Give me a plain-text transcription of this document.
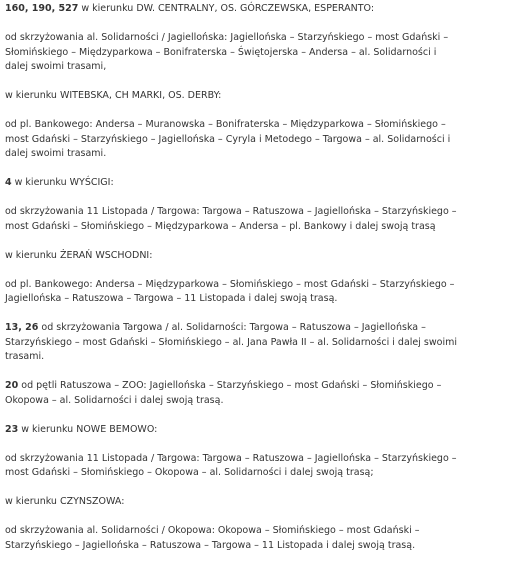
160, 190, 527 w kierunku DW. CENTRALNY, OS. GÓRCZEWSKA, ESPERANTO:

od skrzyżowania al. Solidarności / Jagiellońska: Jagiellońska – Starzyńskiego – most Gdański –
Słomińskiego – Międzyparkowa – Bonifraterska – Świętojerska – Andersa – al. Solidarności i
dalej swoimi trasami,

w kierunku WITEBSKA, CH MARKI, OS. DERBY:

od pl. Bankowego: Andersa – Muranowska – Bonifraterska – Międzyparkowa – Słomińskiego –
most Gdański – Starzyńskiego – Jagiellońska – Cyryla i Metodego – Targowa – al. Solidarności i
dalej swoimi trasami.

4 w kierunku WYŚCIGI:

od skrzyżowania 11 Listopada / Targowa: Targowa – Ratuszowa – Jagiellońska – Starzyńskiego –
most Gdański – Słomińskiego – Międzyparkowa – Andersa – pl. Bankowy i dalej swoją trasą

w kierunku ŻERAŃ WSCHODNI:

od pl. Bankowego: Andersa – Międzyparkowa – Słomińskiego – most Gdański – Starzyńskiego –
Jagiellońska – Ratuszowa – Targowa – 11 Listopada i dalej swoją trasą.

13, 26 od skrzyżowania Targowa / al. Solidarności: Targowa – Ratuszowa – Jagiellońska –
Starzyńskiego – most Gdański – Słomińskiego – al. Jana Pawła II – al. Solidarności i dalej swoimi
trasami.

20 od pętli Ratuszowa – ZOO: Jagiellońska – Starzyńskiego – most Gdański – Słomińskiego –
Okopowa – al. Solidarności i dalej swoją trasą.

23 w kierunku NOWE BEMOWO:

od skrzyżowania 11 Listopada / Targowa: Targowa – Ratuszowa – Jagiellońska – Starzyńskiego –
most Gdański – Słomińskiego – Okopowa – al. Solidarności i dalej swoją trasą;

w kierunku CZYNSZOWA:

od skrzyżowania al. Solidarności / Okopowa: Okopowa – Słomińskiego – most Gdański –
Starzyńskiego – Jagiellońska – Ratuszowa – Targowa – 11 Listopada i dalej swoją trasą.
